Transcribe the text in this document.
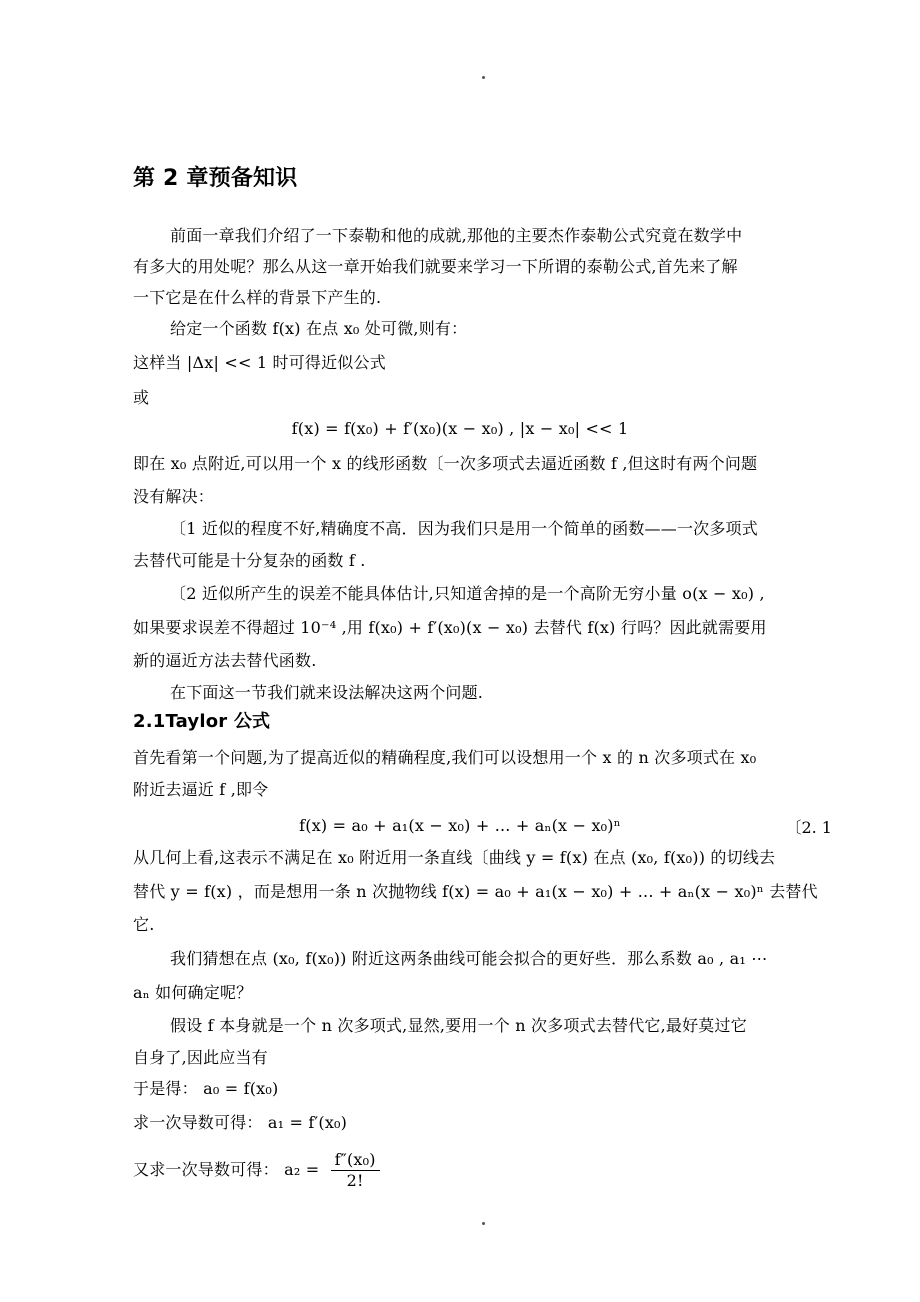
第 2 章预备知识
前面一章我们介绍了一下泰勒和他的成就,那他的主要杰作泰勒公式究竟在数学中
有多大的用处呢？那么从这一章开始我们就要来学习一下所谓的泰勒公式,首先来了解
一下它是在什么样的背景下产生的.
给定一个函数 f(x) 在点 x₀ 处可微,则有：
这样当 |Δx| << 1 时可得近似公式
或
f(x) = f(x₀) + f′(x₀)(x − x₀) , |x − x₀| << 1
即在 x₀ 点附近,可以用一个 x 的线形函数〔一次多项式去逼近函数 f ,但这时有两个问题
没有解决：
〔1 近似的程度不好,精确度不高．因为我们只是用一个简单的函数——一次多项式
去替代可能是十分复杂的函数 f .
〔2 近似所产生的误差不能具体估计,只知道舍掉的是一个高阶无穷小量 o(x − x₀) ,
如果要求误差不得超过 10⁻⁴ ,用 f(x₀) + f′(x₀)(x − x₀) 去替代 f(x) 行吗？因此就需要用
新的逼近方法去替代函数.
在下面这一节我们就来设法解决这两个问题.
2.1Taylor 公式
首先看第一个问题,为了提高近似的精确程度,我们可以设想用一个 x 的 n 次多项式在 x₀
附近去逼近 f ,即令
f(x) = a₀ + a₁(x − x₀) + ... + aₙ(x − x₀)ⁿ	〔2. 1
从几何上看,这表示不满足在 x₀ 附近用一条直线〔曲线 y = f(x) 在点 (x₀, f(x₀)) 的切线去
替代 y = f(x) ，而是想用一条 n 次抛物线 f(x) = a₀ + a₁(x − x₀) + ... + aₙ(x − x₀)ⁿ 去替代
它.
我们猜想在点 (x₀, f(x₀)) 附近这两条曲线可能会拟合的更好些．那么系数 a₀ , a₁ ⋯
aₙ 如何确定呢？
假设 f 本身就是一个 n 次多项式,显然,要用一个 n 次多项式去替代它,最好莫过它
自身了,因此应当有
于是得： a₀ = f(x₀)
求一次导数可得： a₁ = f′(x₀)
又求一次导数可得： $a_2 = \frac{\text{f″(x₀)}}{2!}$
